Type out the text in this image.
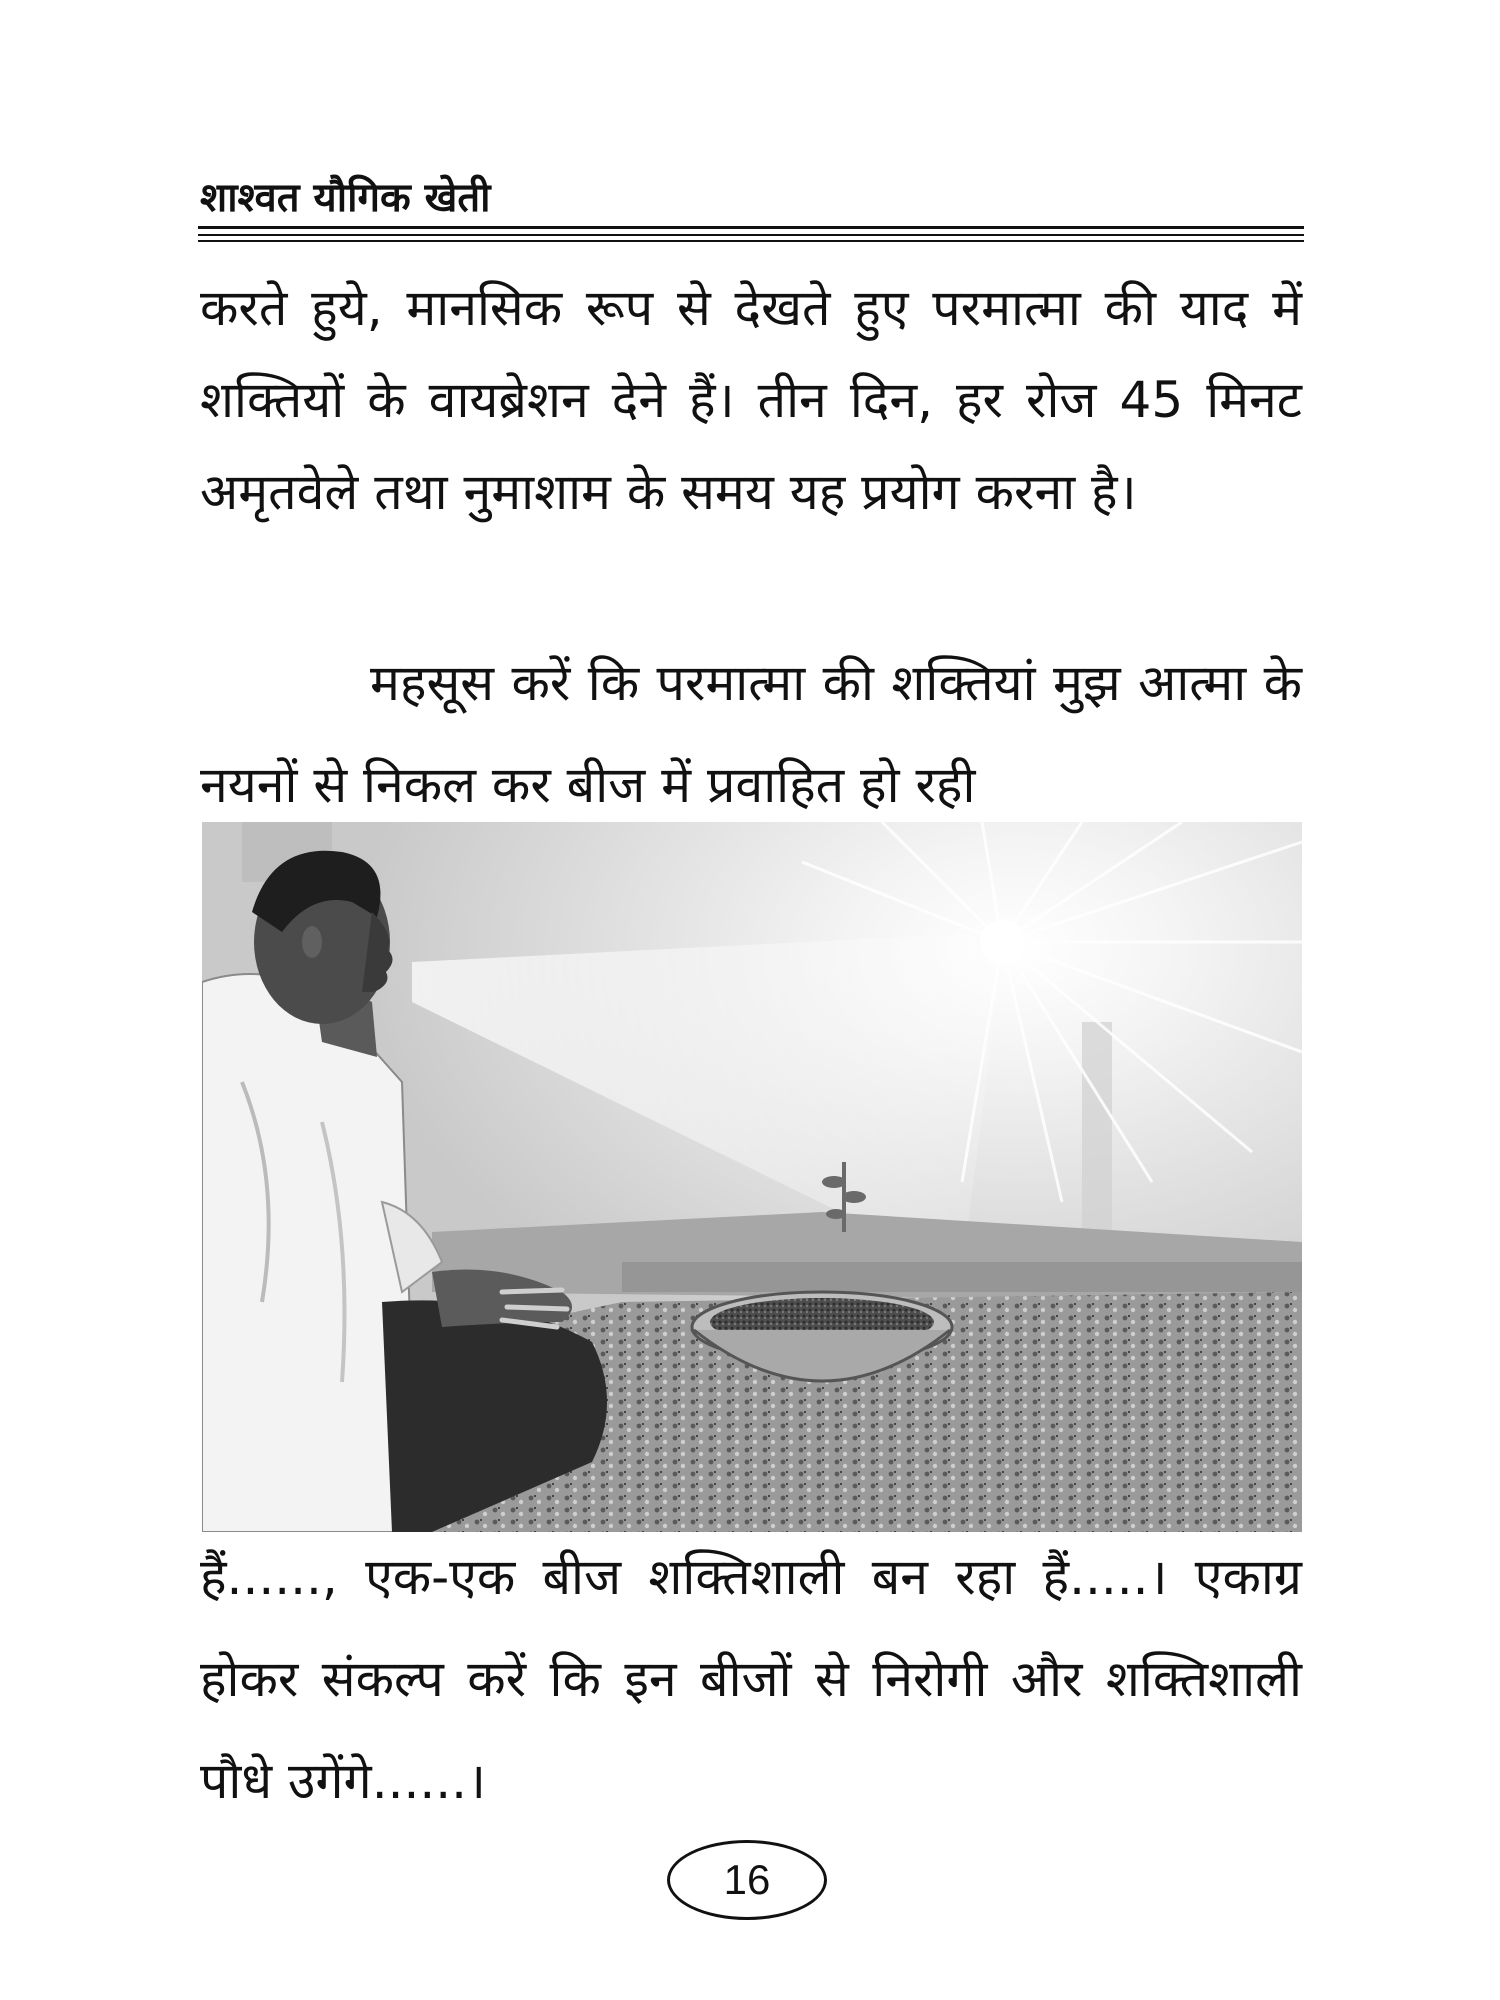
शाश्वत यौगिक खेती

करते हुये, मानसिक रूप से देखते हुए परमात्मा की याद में शक्तियों के वायब्रेशन देने हैं। तीन दिन, हर रोज 45 मिनट अमृतवेले तथा नुमाशाम के समय यह प्रयोग करना है।

महसूस करें कि परमात्मा की शक्तियां मुझ आत्मा के नयनों से निकल कर बीज में प्रवाहित हो रही

हैं......, एक-एक बीज शक्तिशाली बन रहा हैं.....। एकाग्र होकर संकल्प करें कि इन बीजों से निरोगी और शक्तिशाली पौधे उगेंगे......।

16
